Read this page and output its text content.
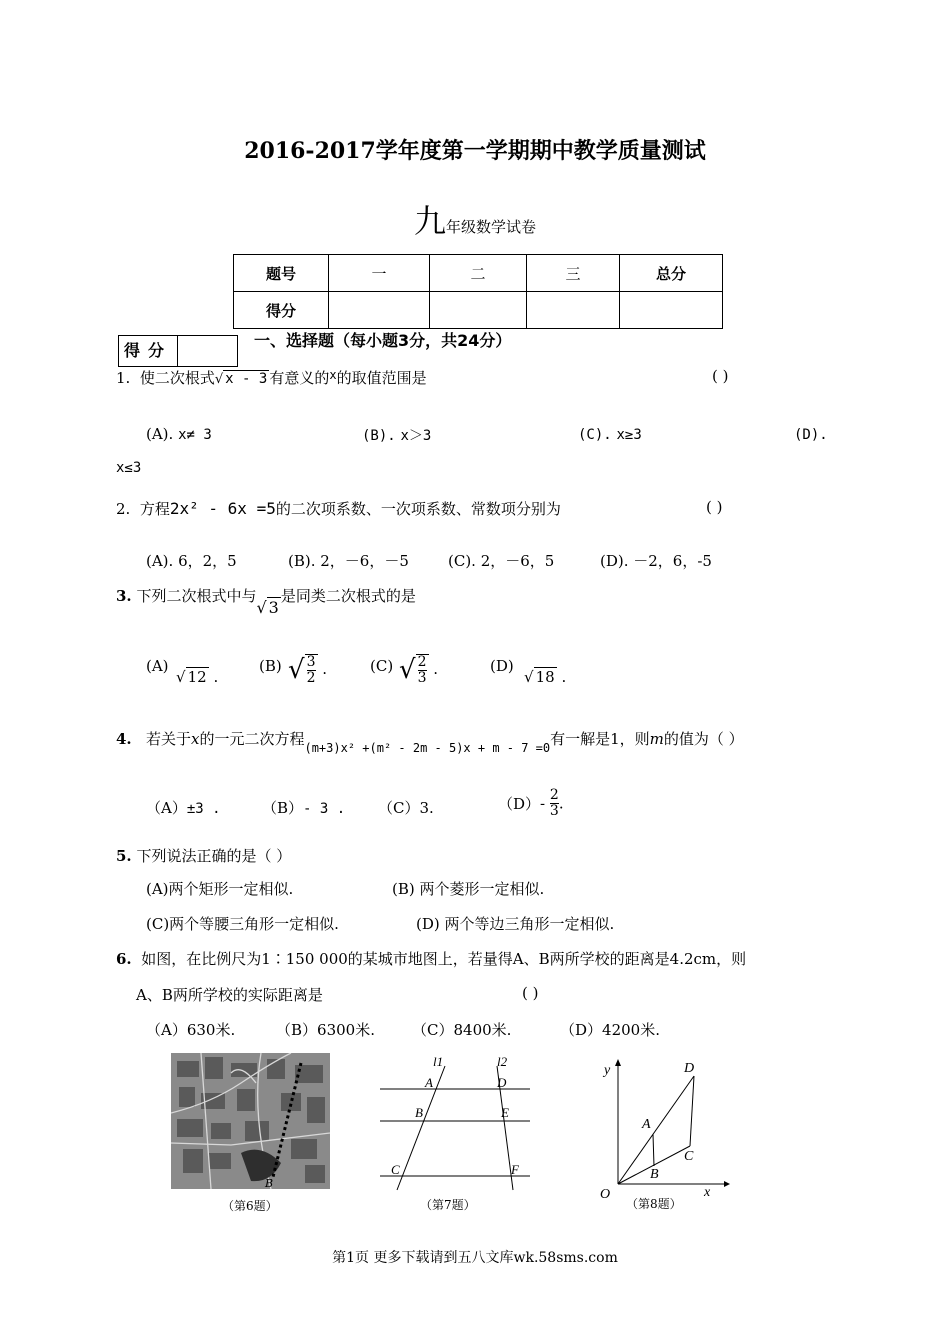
2016-2017学年度第一学期期中教学质量测试
九年级数学试卷
题号	一	二	三	总分
得分				
得分
一、选择题（每小题3分，共24分）
1. 使二次根式√ x - 3 有意义的$^x$的取值范围是	( )
(A). x≠ 3	(B). x＞3	(C). x≥3	(D).
x≤3
2. 方程2x² - 6x =5的二次项系数、一次项系数、常数项分别为	( )
(A). 6，2，5	(B). 2，－6，－5	(C). 2，－6，5	(D). －2，6，-5
3. 下列二次根式中与√ 3是同类二次根式的是
(A)
√ 12 .
(B) √ $\frac{3}{2}$ .	(C) √ $\frac{2}{3}$ .	(D)
√ 18 .
4. 若关于x的一元二次方程$_{(m+3)x^2 +(m^2 - 2m - 5)x + m - 7 =0}$有一解是1，则m的值为（ ）
（A）±3 .	（B）- 3 . （C）3.	$(D)- \frac{2}{3}$ .
5. 下列说法正确的是（ ）
(A)两个矩形一定相似.	(B) 两个菱形一定相似.
(C)两个等腰三角形一定相似.	(D) 两个等边三角形一定相似.
6. 如图，在比例尺为1∶150 000的某城市地图上，若量得A、B两所学校的距离是4.2cm，则
A、B两所学校的实际距离是	( )
（A）630米.	（B）6300米. （C）8400米.	（D）4200米.
B
（第6题）
l1	l2
A	D
B	E
C	F
（第7题）
y	D
A
C
B
O	x
（第8题）
第1页 更多下载请到五八文库wk.58sms.com
